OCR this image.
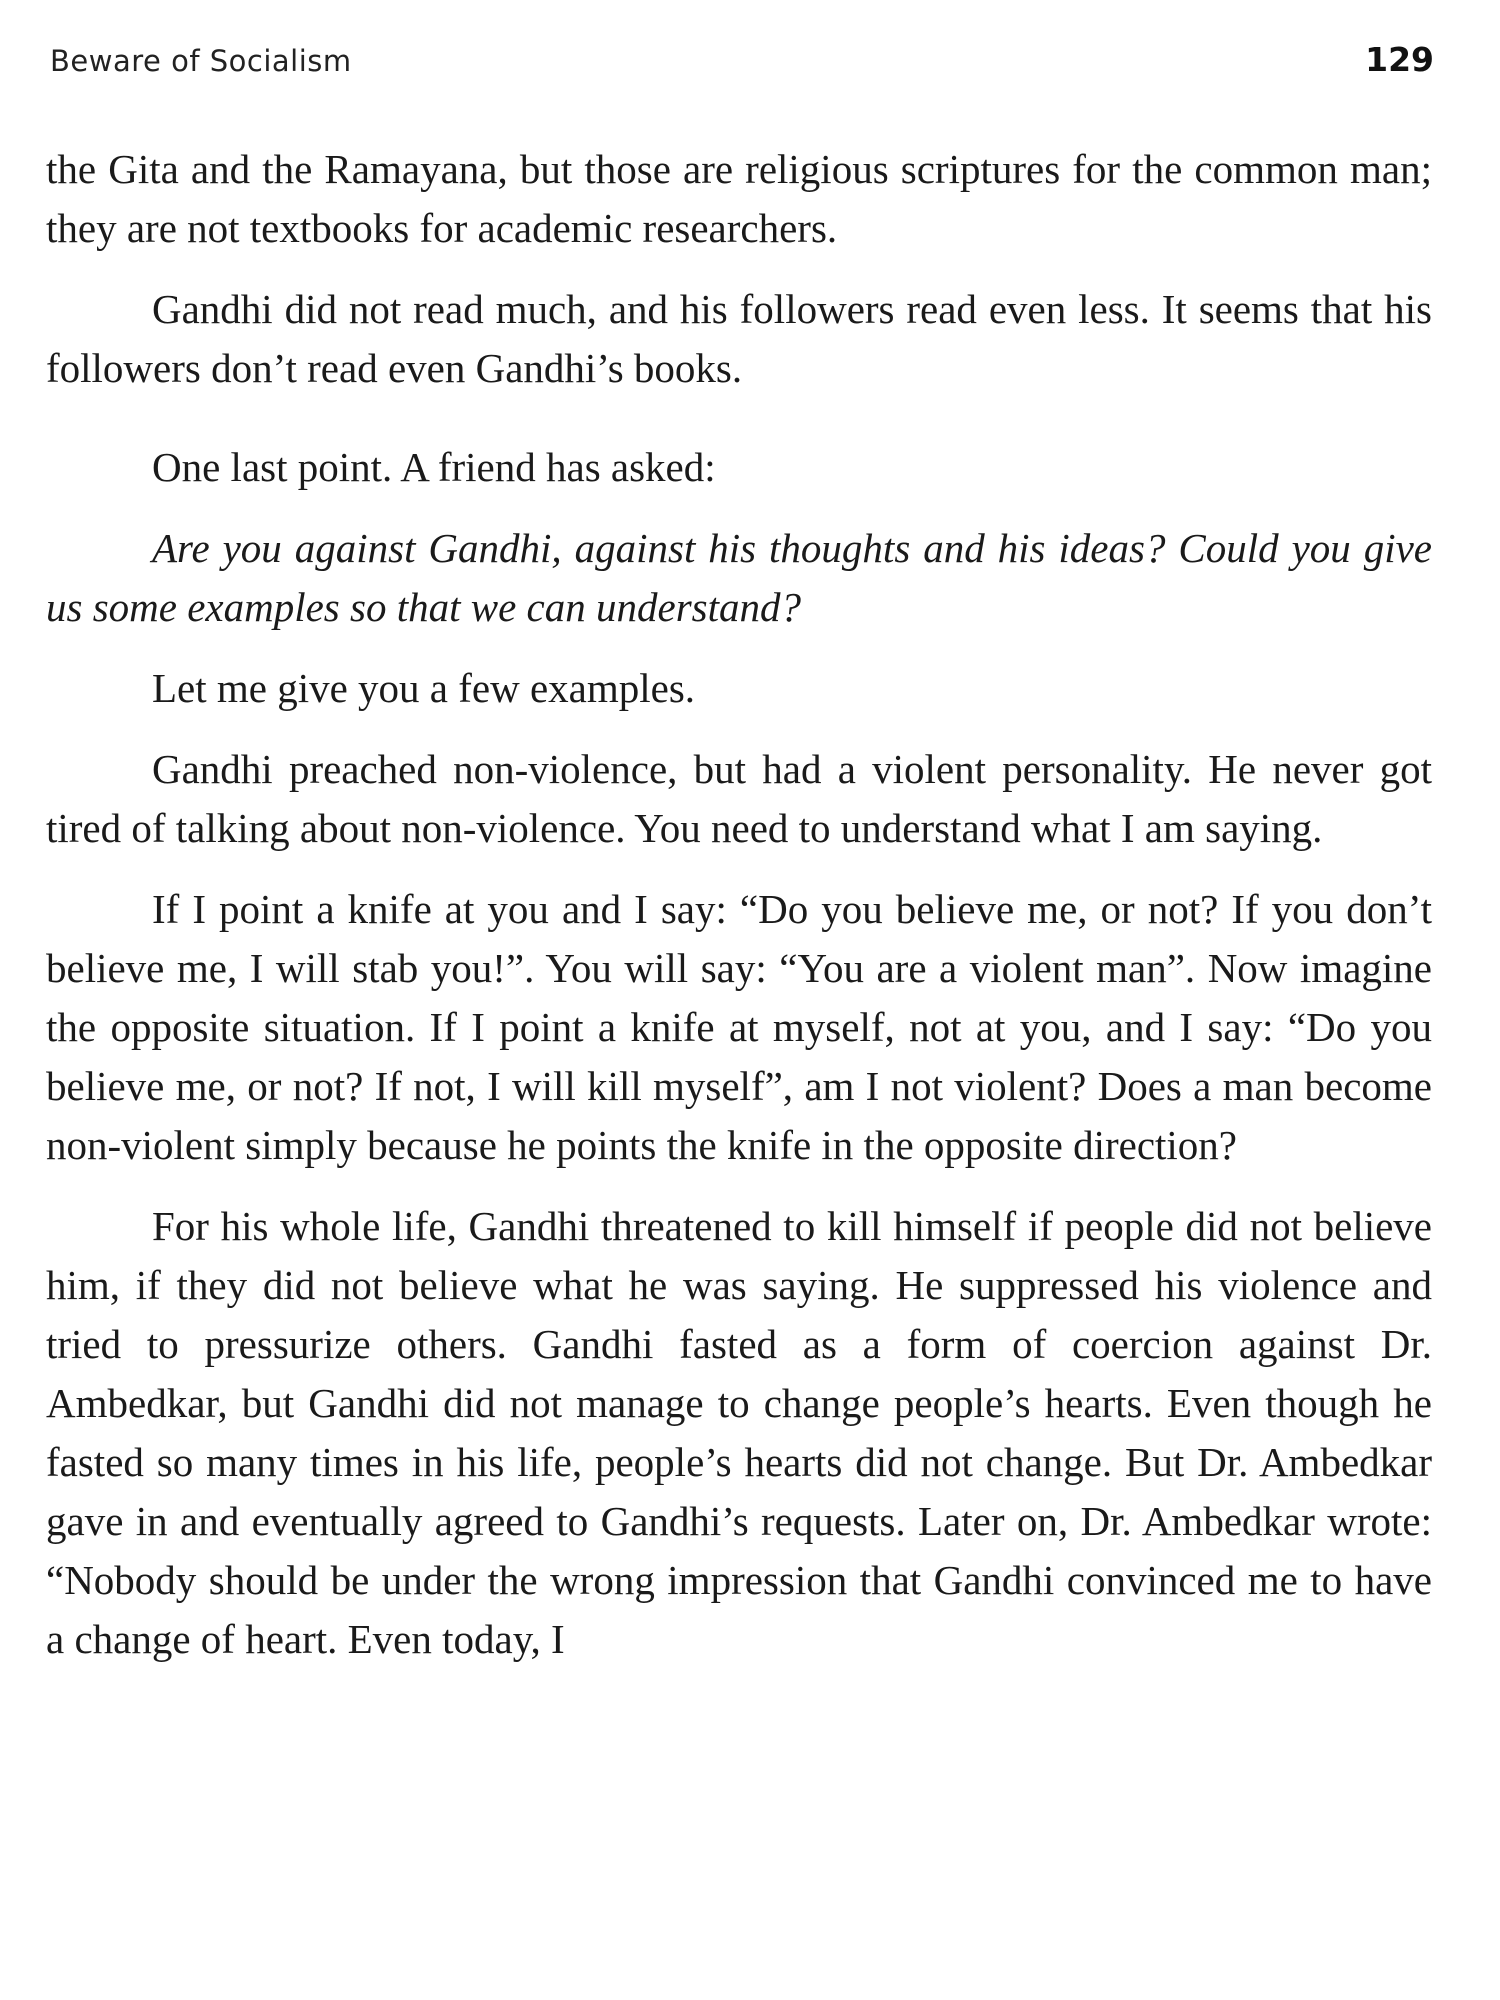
Beware of Socialism	129

the Gita and the Ramayana, but those are religious scriptures for the common man; they are not textbooks for academic researchers.

Gandhi did not read much, and his followers read even less. It seems that his followers don’t read even Gandhi’s books.

One last point. A friend has asked:

Are you against Gandhi, against his thoughts and his ideas? Could you give us some examples so that we can understand?

Let me give you a few examples.

Gandhi preached non-violence, but had a violent personality. He never got tired of talking about non-violence. You need to understand what I am saying.

If I point a knife at you and I say: “Do you believe me, or not? If you don’t believe me, I will stab you!”. You will say: “You are a violent man”. Now imagine the opposite situation. If I point a knife at myself, not at you, and I say: “Do you believe me, or not? If not, I will kill myself”, am I not violent? Does a man become non-violent simply because he points the knife in the opposite direction?

For his whole life, Gandhi threatened to kill himself if people did not believe him, if they did not believe what he was saying. He suppressed his violence and tried to pressurize others. Gandhi fasted as a form of coercion against Dr. Ambedkar, but Gandhi did not manage to change people’s hearts. Even though he fasted so many times in his life, people’s hearts did not change. But Dr. Ambedkar gave in and eventually agreed to Gandhi’s requests. Later on, Dr. Ambedkar wrote: “Nobody should be under the wrong impression that Gandhi convinced me to have a change of heart. Even today, I
